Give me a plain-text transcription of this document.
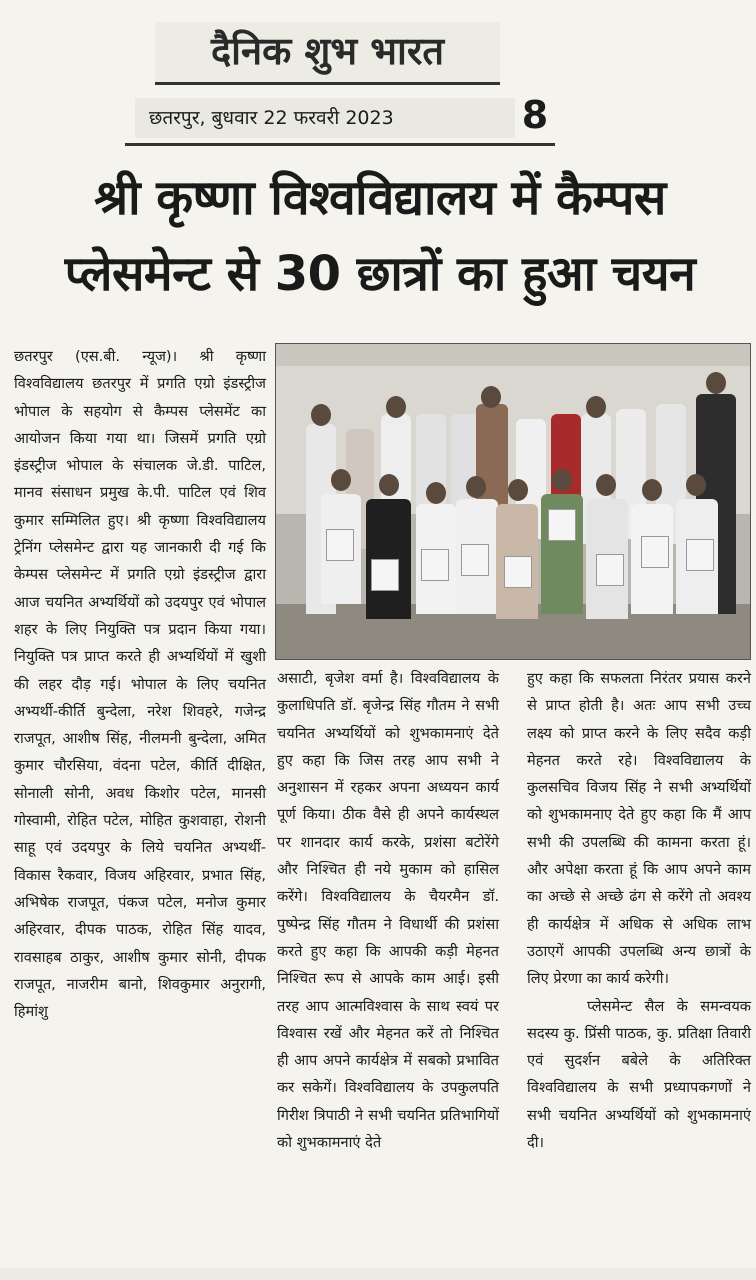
दैनिक शुभ भारत
छतरपुर, बुधवार 22 फरवरी 2023	8
श्री कृष्णा विश्वविद्यालय में कैम्पस
प्लेसमेन्ट से 30 छात्रों का हुआ चयन

छतरपुर (एस.बी. न्यूज)। श्री कृष्णा विश्वविद्यालय छतरपुर में प्रगति एग्रो इंडस्ट्रीज भोपाल के सहयोग से कैम्पस प्लेसमेंट का आयोजन किया गया था। जिसमें प्रगति एग्रो इंडस्ट्रीज भोपाल के संचालक जे.डी. पाटिल, मानव संसाधन प्रमुख के.पी. पाटिल एवं शिव कुमार सम्मिलित हुए। श्री कृष्णा विश्वविद्यालय ट्रेनिंग प्लेसमेन्ट द्वारा यह जानकारी दी गई कि केम्पस प्लेसमेन्ट में प्रगति एग्रो इंडस्ट्रीज द्वारा आज चयनित अभ्यर्थियों को उदयपुर एवं भोपाल शहर के लिए नियुक्ति पत्र प्रदान किया गया। नियुक्ति पत्र प्राप्त करते ही अभ्यर्थियों में खुशी की लहर दौड़ गई। भोपाल के लिए चयनित अभ्यर्थी-कीर्ति बुन्देला, नरेश शिवहरे, गजेन्द्र राजपूत, आशीष सिंह, नीलमनी बुन्देला, अमित कुमार चौरसिया, वंदना पटेल, कीर्ति दीक्षित, सोनाली सोनी, अवध किशोर पटेल, मानसी गोस्वामी, रोहित पटेल, मोहित कुशवाहा, रोशनी साहू एवं उदयपुर के लिये चयनित अभ्यर्थी-विकास रैकवार, विजय अहिरवार, प्रभात सिंह, अभिषेक राजपूत, पंकज पटेल, मनोज कुमार अहिरवार, दीपक पाठक, रोहित सिंह यादव, रावसाहब ठाकुर, आशीष कुमार सोनी, दीपक राजपूत, नाजरीम बानो, शिवकुमार अनुरागी, हिमांशु

असाटी, बृजेश वर्मा है। विश्वविद्यालय के कुलाधिपति डॉ. बृजेन्द्र सिंह गौतम ने सभी चयनित अभ्यर्थियों को शुभकामनाएं देते हुए कहा कि जिस तरह आप सभी ने अनुशासन में रहकर अपना अध्ययन कार्य पूर्ण किया। ठीक वैसे ही अपने कार्यस्थल पर शानदार कार्य करके, प्रशंसा बटोरेंगे और निश्चित ही नये मुकाम को हासिल करेंगे। विश्वविद्यालय के चैयरमैन डॉ. पुष्पेन्द्र सिंह गौतम ने विधार्थी की प्रशंसा करते हुए कहा कि आपकी कड़ी मेहनत निश्चित रूप से आपके काम आई। इसी तरह आप आत्मविश्वास के साथ स्वयं पर विश्वास रखें और मेहनत करें तो निश्चित ही आप अपने कार्यक्षेत्र में सबको प्रभावित कर सकेगें। विश्वविद्यालय के उपकुलपति गिरीश त्रिपाठी ने सभी चयनित प्रतिभागियों को शुभकामनाएं देते

हुए कहा कि सफलता निरंतर प्रयास करने से प्राप्त होती है। अतः आप सभी उच्च लक्ष्य को प्राप्त करने के लिए सदैव कड़ी मेहनत करते रहे। विश्वविद्यालय के कुलसचिव विजय सिंह ने सभी अभ्यर्थियों को शुभकामनाए देते हुए कहा कि मैं आप सभी की उपलब्धि की कामना करता हूं। और अपेक्षा करता हूं कि आप अपने काम का अच्छे से अच्छे ढंग से करेंगे तो अवश्य ही कार्यक्षेत्र में अधिक से अधिक लाभ उठाएगें आपकी उपलब्धि अन्य छात्रों के लिए प्रेरणा का कार्य करेगी।

प्लेसमेन्ट सैल के समन्वयक सदस्य कु. प्रिंसी पाठक, कु. प्रतिक्षा तिवारी एवं सुदर्शन बबेले के अतिरिक्त विश्वविद्यालय के सभी प्रध्यापकगणों ने सभी चयनित अभ्यर्थियों को शुभकामनाएं दी।
